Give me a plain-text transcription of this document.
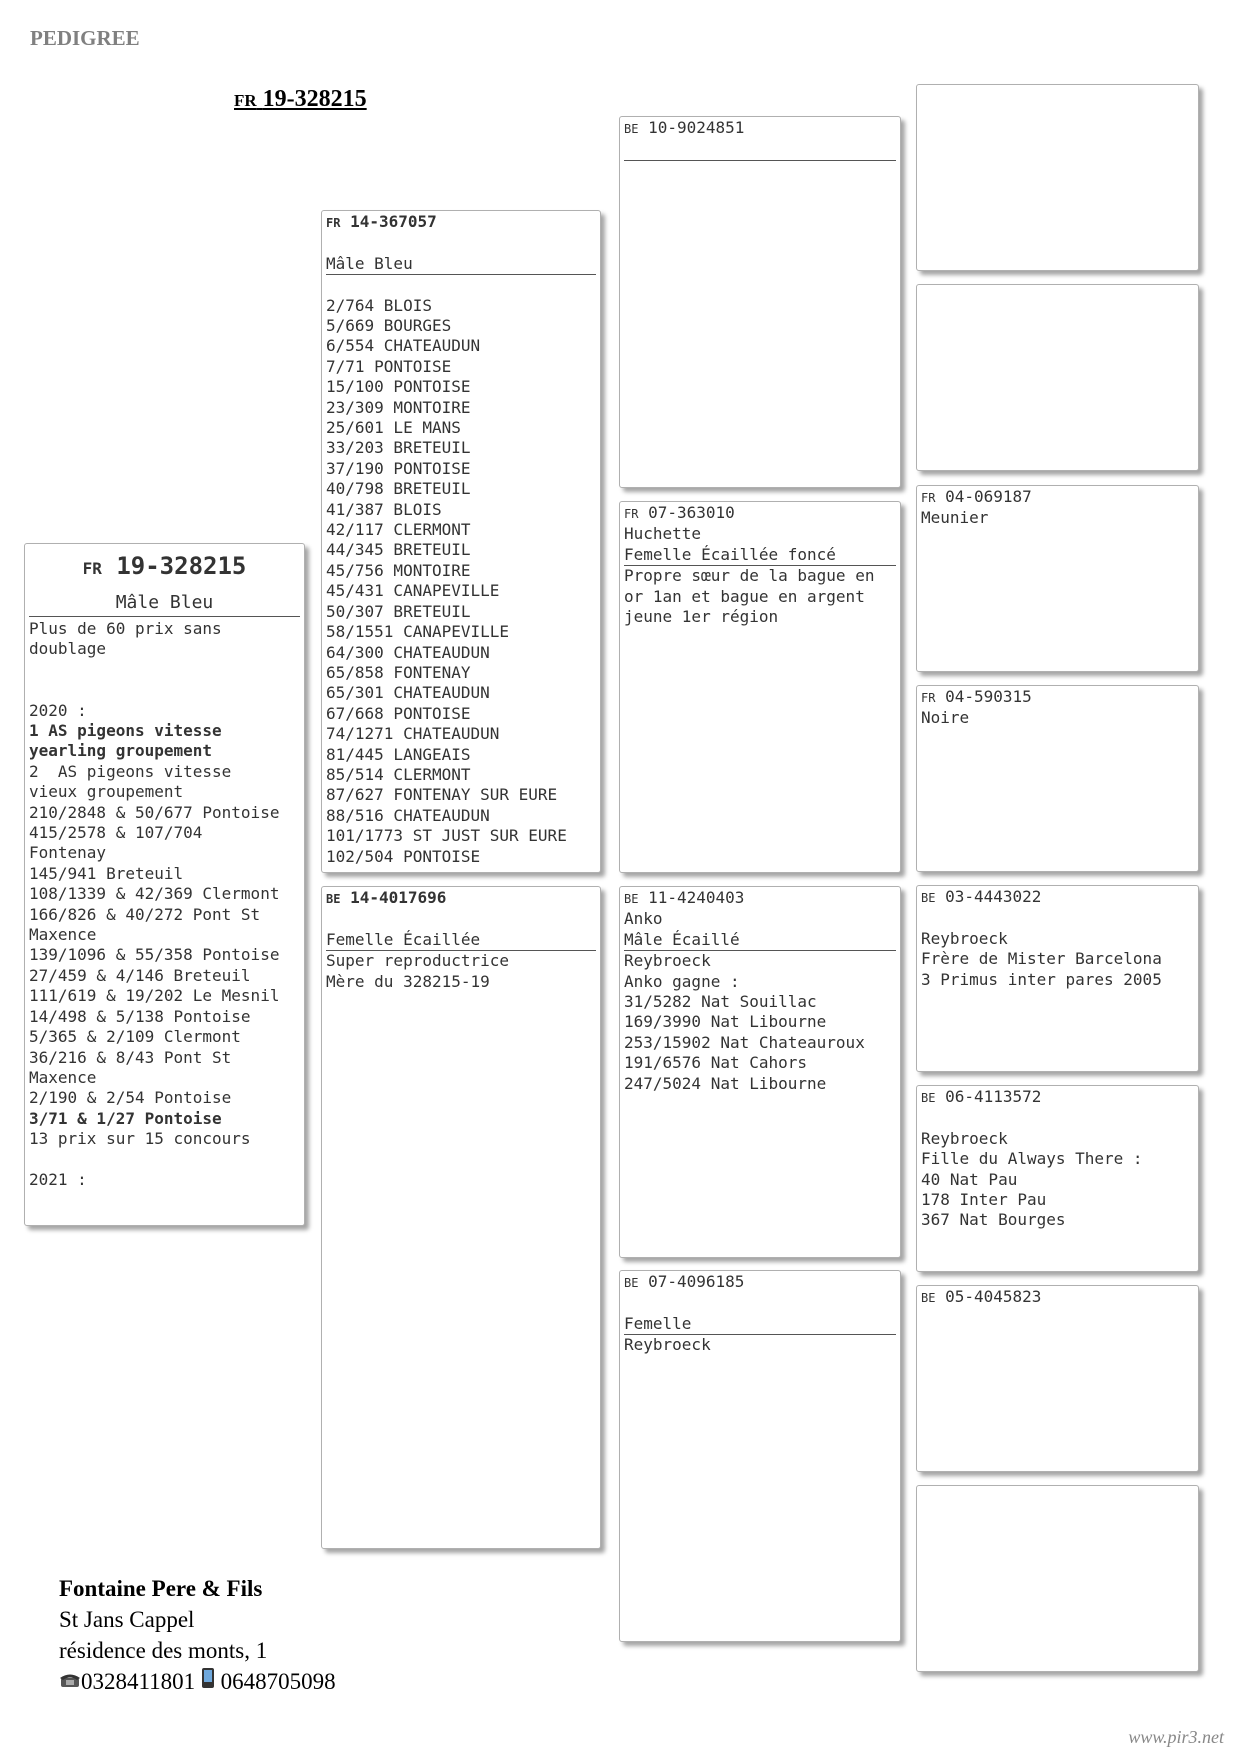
PEDIGREE
FR 19-328215
FR 19-328215
Mâle Bleu
Plus de 60 prix sans
doublage
2020 :
1 AS pigeons vitesse
yearling groupement
2  AS pigeons vitesse
vieux groupement
210/2848 & 50/677 Pontoise
415/2578 & 107/704
Fontenay
145/941 Breteuil
108/1339 & 42/369 Clermont
166/826 & 40/272 Pont St
Maxence
139/1096 & 55/358 Pontoise
27/459 & 4/146 Breteuil
111/619 & 19/202 Le Mesnil
14/498 & 5/138 Pontoise
5/365 & 2/109 Clermont
36/216 & 8/43 Pont St
Maxence
2/190 & 2/54 Pontoise
3/71 & 1/27 Pontoise
13 prix sur 15 concours
2021 :
FR 14-367057
Mâle Bleu
2/764 BLOIS
5/669 BOURGES
6/554 CHATEAUDUN
7/71 PONTOISE
15/100 PONTOISE
23/309 MONTOIRE
25/601 LE MANS
33/203 BRETEUIL
37/190 PONTOISE
40/798 BRETEUIL
41/387 BLOIS
42/117 CLERMONT
44/345 BRETEUIL
45/756 MONTOIRE
45/431 CANAPEVILLE
50/307 BRETEUIL
58/1551 CANAPEVILLE
64/300 CHATEAUDUN
65/858 FONTENAY
65/301 CHATEAUDUN
67/668 PONTOISE
74/1271 CHATEAUDUN
81/445 LANGEAIS
85/514 CLERMONT
87/627 FONTENAY SUR EURE
88/516 CHATEAUDUN
101/1773 ST JUST SUR EURE
102/504 PONTOISE
BE 14-4017696
Femelle Écaillée
Super reproductrice
Mère du 328215-19
BE 10-9024851
FR 07-363010
Huchette
Femelle Écaillée foncé
Propre sœur de la bague en
or 1an et bague en argent
jeune 1er région
BE 11-4240403
Anko
Mâle Écaillé
Reybroeck
Anko gagne :
31/5282 Nat Souillac
169/3990 Nat Libourne
253/15902 Nat Chateauroux
191/6576 Nat Cahors
247/5024 Nat Libourne
BE 07-4096185
Femelle
Reybroeck
FR 04-069187
Meunier
FR 04-590315
Noire
BE 03-4443022
Reybroeck
Frère de Mister Barcelona
3 Primus inter pares 2005
BE 06-4113572
Reybroeck
Fille du Always There :
40 Nat Pau
178 Inter Pau
367 Nat Bourges
BE 05-4045823
Fontaine Pere & Fils
St Jans Cappel
résidence des monts, 1
0328411801 0648705098
www.pir3.net
